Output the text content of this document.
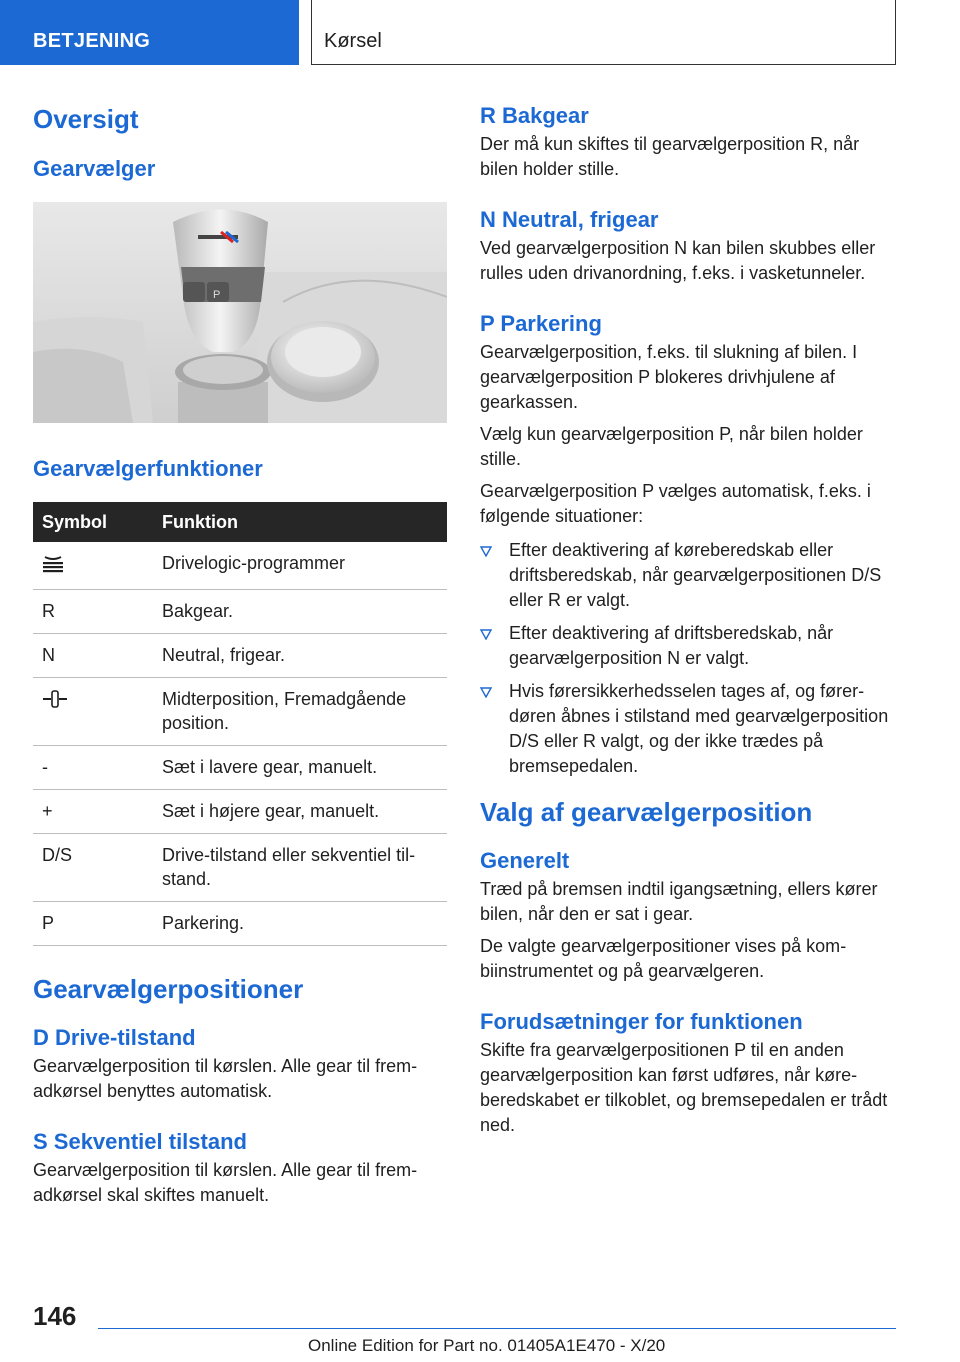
BETJENING	Kørsel
Oversigt
Gearvælger
P
Gearvælgerfunktioner
Symbol	Funktion
	Drivelogic-programmer
R	Bakgear.
N	Neutral, frigear.
	Midterposition, Fremadgående position.
-	Sæt i lavere gear, manuelt.
+	Sæt i højere gear, manuelt.
D/S	Drive-tilstand eller sekventiel tilstand.
P	Parkering.
Gearvælgerpositioner
D Drive-tilstand
Gearvælgerposition til kørslen. Alle gear til fremadkørsel benyttes automatisk.
S Sekventiel tilstand
Gearvælgerposition til kørslen. Alle gear til fremadkørsel skal skiftes manuelt.
R Bakgear
Der må kun skiftes til gearvælgerposition R, når bilen holder stille.
N Neutral, frigear
Ved gearvælgerposition N kan bilen skubbes eller rulles uden drivanordning, f.eks. i vasketunneler.
P Parkering
Gearvælgerposition, f.eks. til slukning af bilen. I gearvælgerposition P blokeres drivhjulene af gearkassen.
Vælg kun gearvælgerposition P, når bilen holder stille.
Gearvælgerposition P vælges automatisk, f.eks. i følgende situationer:
Efter deaktivering af køreberedskab eller driftsberedskab, når gearvælgerpositionen D/S eller R er valgt.
Efter deaktivering af driftsberedskab, når gearvælgerposition N er valgt.
Hvis førersikkerhedsselen tages af, og førerdøren åbnes i stilstand med gearvælgerposition D/S eller R valgt, og der ikke trædes på bremsepedalen.
Valg af gearvælgerposition
Generelt
Træd på bremsen indtil igangsætning, ellers kører bilen, når den er sat i gear.
De valgte gearvælgerpositioner vises på kombiinstrumentet og på gearvælgeren.
Forudsætninger for funktionen
Skifte fra gearvælgerpositionen P til en anden gearvælgerposition kan først udføres, når køreberedskabet er tilkoblet, og bremsepedalen er trådt ned.
146
Online Edition for Part no. 01405A1E470 - X/20
